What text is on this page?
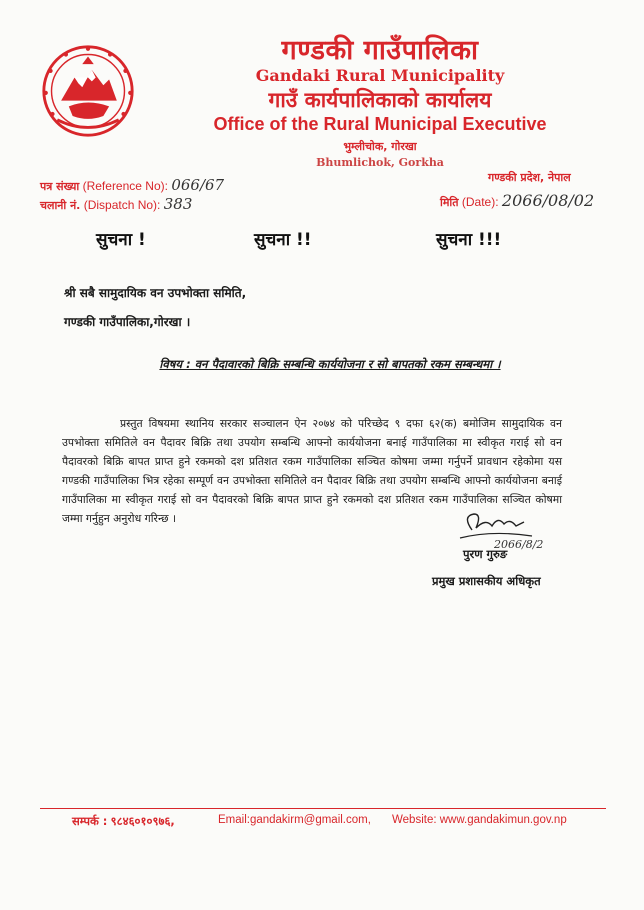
गण्डकी गाउँपालिका
Gandaki Rural Municipality
गाउँ कार्यपालिकाको कार्यालय
Office of the Rural Municipal Executive
भुम्लीचोक, गोरखा
Bhumlichok, Gorkha
पत्र संख्या (Reference No): 066/67
चलानी नं. (Dispatch No): 383
गण्डकी प्रदेश, नेपाल
मिति (Date): 2066/08/02
सुचना !	सुचना !!	सुचना !!!
श्री सबै सामुदायिक वन उपभोक्ता समिति,
गण्डकी गाउँपालिका,गोरखा ।
विषय : वन पैदावारको बिक्रि सम्बन्धि कार्ययोजना र सो बापतको रकम सम्बन्धमा ।
प्रस्तुत विषयमा स्थानिय सरकार सञ्चालन ऐन २०७४ को परिच्छेद ९ दफा ६२(क) बमोजिम सामुदायिक वन उपभोक्ता समितिले वन पैदावर बिक्रि तथा उपयोग सम्बन्धि आफ्नो कार्ययोजना बनाई गाउँपालिका मा स्वीकृत गराई सो वन पैदावरको बिक्रि बापत प्राप्त हुने रकमको दश प्रतिशत रकम गाउँपालिका सञ्चित कोषमा जम्मा गर्नुपर्ने प्रावधान रहेकोमा यस गण्डकी गाउँपालिका भित्र रहेका सम्पूर्ण वन उपभोक्ता समितिले वन पैदावर बिक्रि तथा उपयोग सम्बन्धि आफ्नो कार्ययोजना बनाई गाउँपालिका मा स्वीकृत गराई सो वन पैदावरको बिक्रि बापत प्राप्त हुने रकमको दश प्रतिशत रकम गाउँपालिका सञ्चित कोषमा जम्मा गर्नुहुन अनुरोध गरिन्छ ।
2066/8/2
पुरण गुरुङ
प्रमुख प्रशासकीय अधिकृत
सम्पर्क : ९८४६०१०९७६,	Email:gandakirm@gmail.com, Website: www.gandakimun.gov.np
